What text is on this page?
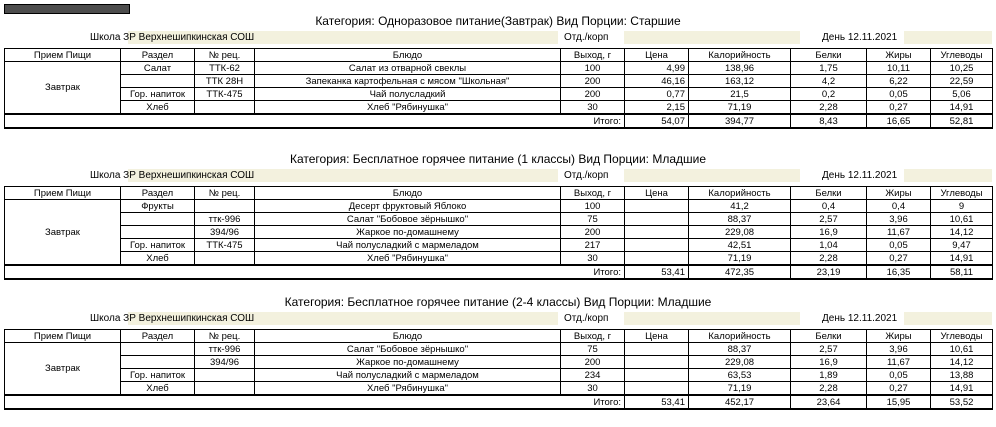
Категория: Одноразовое питание(Завтрак) Вид Порции: Старшие
Школа ЗР Верхнешипкинская СОШ	Отд./корп	День 12.11.2021
Прием Пищи	Раздел	№ рец.	Блюдо	Выход, г	Цена	Калорийность	Белки	Жиры	Углеводы
Завтрак	Салат	ТТК-62	Салат из отварной свеклы	100	4,99	138,96	1,75	10,11	10,25
		ТТК 28Н	Запеканка картофельная с мясом "Школьная"	200	46,16	163,12	4,2	6,22	22,59
	Гор. напиток	ТТК-475	Чай полусладкий	200	0,77	21,5	0,2	0,05	5,06
	Хлеб		Хлеб "Рябинушка"	30	2,15	71,19	2,28	0,27	14,91
Итого:					54,07	394,77	8,43	16,65	52,81
Категория: Бесплатное горячее питание (1 классы) Вид Порции: Младшие
Школа ЗР Верхнешипкинская СОШ	Отд./корп	День 12.11.2021
Прием Пищи	Раздел	№ рец.	Блюдо	Выход, г	Цена	Калорийность	Белки	Жиры	Углеводы
Завтрак	Фрукты		Десерт фруктовый Яблоко	100		41,2	0,4	0,4	9
		ттк-996	Салат "Бобовое зёрнышко"	75		88,37	2,57	3,96	10,61
		394/96	Жаркое по-домашнему	200		229,08	16,9	11,67	14,12
	Гор. напиток	ТТК-475	Чай полусладкий с мармеладом	217		42,51	1,04	0,05	9,47
	Хлеб		Хлеб "Рябинушка"	30		71,19	2,28	0,27	14,91
Итого:					53,41	472,35	23,19	16,35	58,11
Категория: Бесплатное горячее питание (2-4 классы) Вид Порции: Младшие
Школа ЗР Верхнешипкинская СОШ	Отд./корп	День 12.11.2021
Прием Пищи	Раздел	№ рец.	Блюдо	Выход, г	Цена	Калорийность	Белки	Жиры	Углеводы
Завтрак		ттк-996	Салат "Бобовое зёрнышко"	75		88,37	2,57	3,96	10,61
		394/96	Жаркое по-домашнему	200		229,08	16,9	11,67	14,12
	Гор. напиток		Чай полусладкий с мармеладом	234		63,53	1,89	0,05	13,88
	Хлеб		Хлеб "Рябинушка"	30		71,19	2,28	0,27	14,91
Итого:					53,41	452,17	23,64	15,95	53,52
